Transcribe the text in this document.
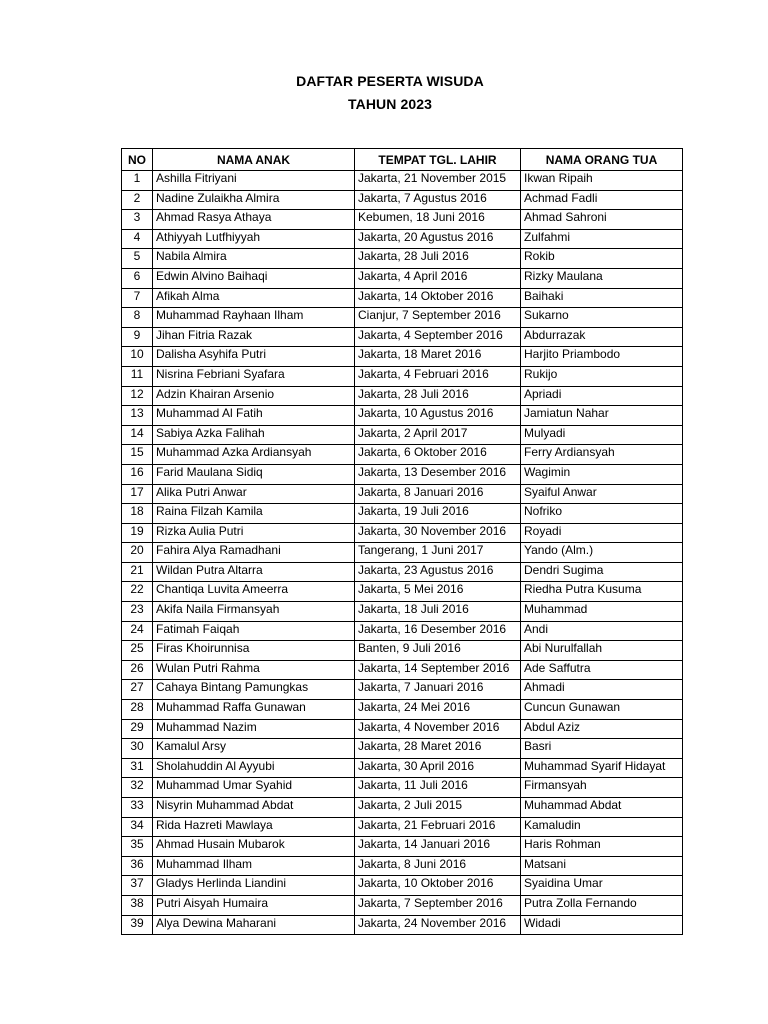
DAFTAR PESERTA WISUDA
TAHUN 2023
NO	NAMA ANAK	TEMPAT TGL. LAHIR	NAMA ORANG TUA
1	Ashilla Fitriyani	Jakarta, 21 November 2015	Ikwan Ripaih
2	Nadine Zulaikha Almira	Jakarta, 7 Agustus 2016	Achmad Fadli
3	Ahmad Rasya Athaya	Kebumen, 18 Juni 2016	Ahmad Sahroni
4	Athiyyah Lutfhiyyah	Jakarta, 20 Agustus 2016	Zulfahmi
5	Nabila Almira	Jakarta, 28 Juli 2016	Rokib
6	Edwin Alvino Baihaqi	Jakarta, 4 April 2016	Rizky Maulana
7	Afikah Alma	Jakarta, 14 Oktober 2016	Baihaki
8	Muhammad Rayhaan Ilham	Cianjur, 7 September 2016	Sukarno
9	Jihan Fitria Razak	Jakarta, 4 September 2016	Abdurrazak
10	Dalisha Asyhifa Putri	Jakarta, 18 Maret 2016	Harjito Priambodo
11	Nisrina Febriani Syafara	Jakarta, 4 Februari 2016	Rukijo
12	Adzin Khairan Arsenio	Jakarta, 28 Juli 2016	Apriadi
13	Muhammad Al Fatih	Jakarta, 10 Agustus 2016	Jamiatun Nahar
14	Sabiya Azka Falihah	Jakarta, 2 April 2017	Mulyadi
15	Muhammad Azka Ardiansyah	Jakarta, 6 Oktober 2016	Ferry Ardiansyah
16	Farid Maulana Sidiq	Jakarta, 13 Desember 2016	Wagimin
17	Alika Putri Anwar	Jakarta, 8 Januari 2016	Syaiful Anwar
18	Raina Filzah Kamila	Jakarta, 19 Juli 2016	Nofriko
19	Rizka Aulia Putri	Jakarta, 30 November 2016	Royadi
20	Fahira Alya Ramadhani	Tangerang, 1 Juni 2017	Yando (Alm.)
21	Wildan Putra Altarra	Jakarta, 23 Agustus 2016	Dendri Sugima
22	Chantiqa Luvita Ameerra	Jakarta, 5 Mei 2016	Riedha Putra Kusuma
23	Akifa Naila Firmansyah	Jakarta, 18 Juli 2016	Muhammad
24	Fatimah Faiqah	Jakarta, 16 Desember 2016	Andi
25	Firas Khoirunnisa	Banten, 9 Juli 2016	Abi Nurulfallah
26	Wulan Putri Rahma	Jakarta, 14 September 2016	Ade Saffutra
27	Cahaya Bintang Pamungkas	Jakarta, 7 Januari 2016	Ahmadi
28	Muhammad Raffa Gunawan	Jakarta, 24 Mei 2016	Cuncun Gunawan
29	Muhammad Nazim	Jakarta, 4 November 2016	Abdul Aziz
30	Kamalul Arsy	Jakarta, 28 Maret 2016	Basri
31	Sholahuddin Al Ayyubi	Jakarta, 30 April 2016	Muhammad Syarif Hidayat
32	Muhammad Umar Syahid	Jakarta, 11 Juli 2016	Firmansyah
33	Nisyrin Muhammad Abdat	Jakarta, 2 Juli 2015	Muhammad Abdat
34	Rida Hazreti Mawlaya	Jakarta, 21 Februari 2016	Kamaludin
35	Ahmad Husain Mubarok	Jakarta, 14 Januari 2016	Haris Rohman
36	Muhammad Ilham	Jakarta, 8 Juni 2016	Matsani
37	Gladys Herlinda Liandini	Jakarta, 10 Oktober 2016	Syaidina Umar
38	Putri Aisyah Humaira	Jakarta, 7 September 2016	Putra Zolla Fernando
39	Alya Dewina Maharani	Jakarta, 24 November 2016	Widadi
